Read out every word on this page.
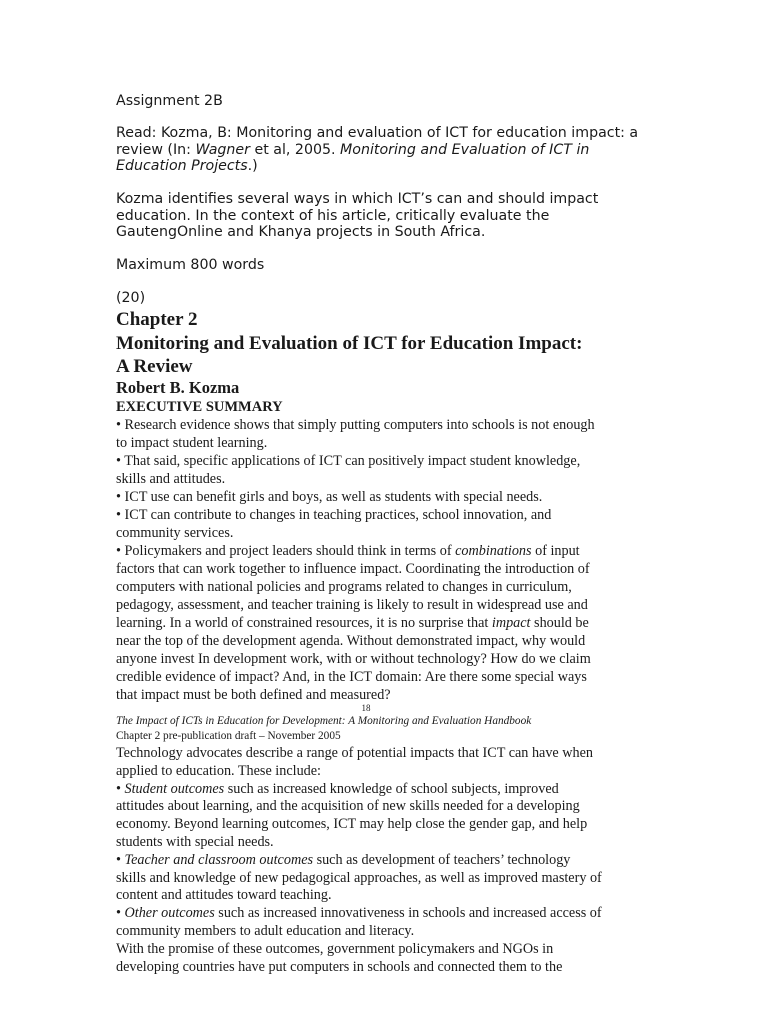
Assignment 2B
Read: Kozma, B: Monitoring and evaluation of ICT for education impact: a
review (In: Wagner et al, 2005. Monitoring and Evaluation of ICT in
Education Projects.)
Kozma identifies several ways in which ICT’s can and should impact
education. In the context of his article, critically evaluate the
GautengOnline and Khanya projects in South Africa.
Maximum 800 words
(20)
Chapter 2
Monitoring and Evaluation of ICT for Education Impact:
A Review
Robert B. Kozma
EXECUTIVE SUMMARY
• Research evidence shows that simply putting computers into schools is not enough
to impact student learning.
• That said, specific applications of ICT can positively impact student knowledge,
skills and attitudes.
• ICT use can benefit girls and boys, as well as students with special needs.
• ICT can contribute to changes in teaching practices, school innovation, and
community services.
• Policymakers and project leaders should think in terms of combinations of input
factors that can work together to influence impact. Coordinating the introduction of
computers with national policies and programs related to changes in curriculum,
pedagogy, assessment, and teacher training is likely to result in widespread use and
learning. In a world of constrained resources, it is no surprise that impact should be
near the top of the development agenda. Without demonstrated impact, why would
anyone invest In development work, with or without technology? How do we claim
credible evidence of impact? And, in the ICT domain: Are there some special ways
that impact must be both defined and measured?
18
The Impact of ICTs in Education for Development: A Monitoring and Evaluation Handbook
Chapter 2 pre-publication draft – November 2005
Technology advocates describe a range of potential impacts that ICT can have when
applied to education. These include:
• Student outcomes such as increased knowledge of school subjects, improved
attitudes about learning, and the acquisition of new skills needed for a developing
economy. Beyond learning outcomes, ICT may help close the gender gap, and help
students with special needs.
• Teacher and classroom outcomes such as development of teachers’ technology
skills and knowledge of new pedagogical approaches, as well as improved mastery of
content and attitudes toward teaching.
• Other outcomes such as increased innovativeness in schools and increased access of
community members to adult education and literacy.
With the promise of these outcomes, government policymakers and NGOs in
developing countries have put computers in schools and connected them to the
